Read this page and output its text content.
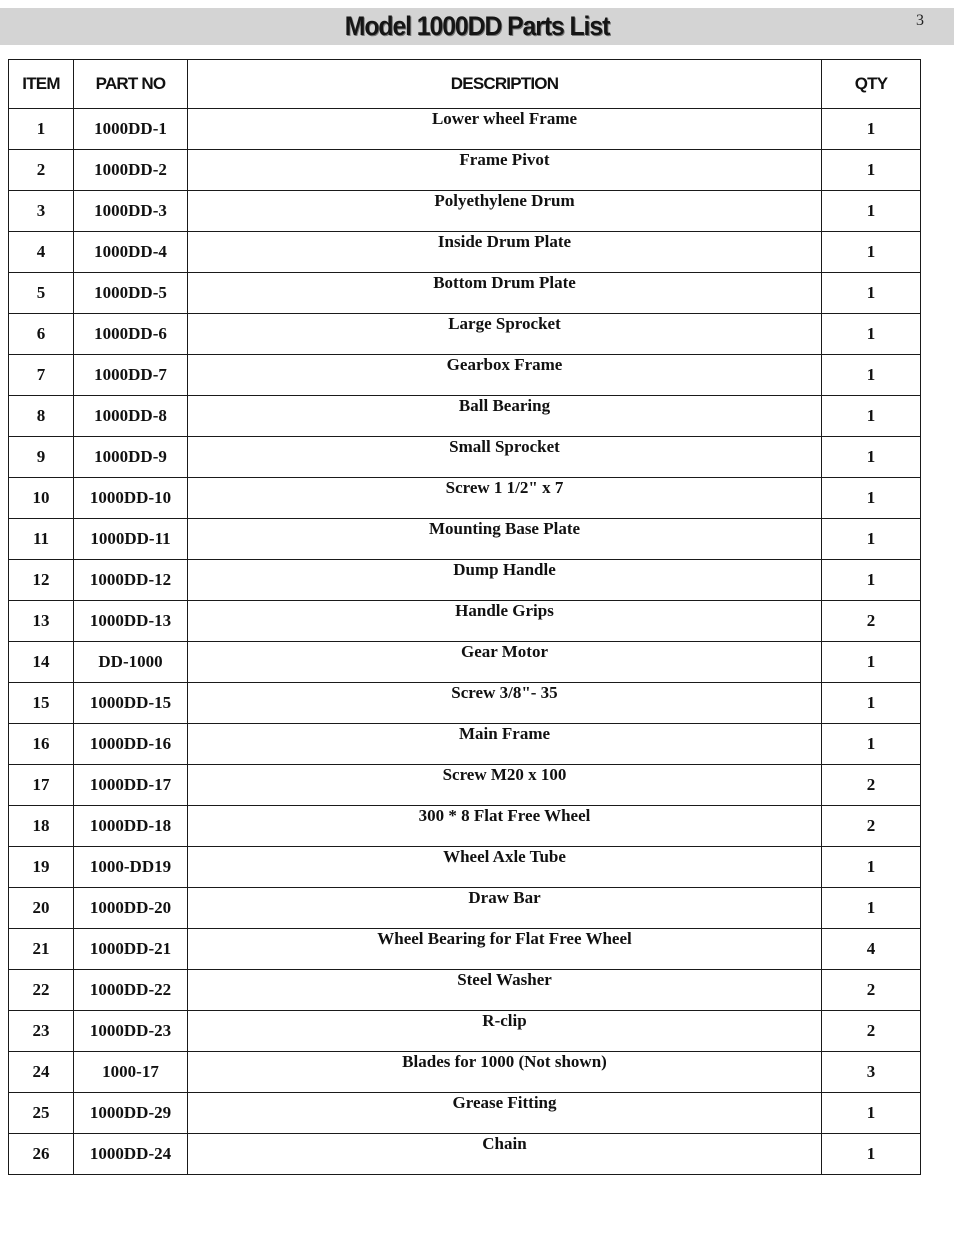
Model 1000DD Parts List	3
ITEM	PART NO	DESCRIPTION	QTY
1	1000DD-1	Lower wheel Frame	1
2	1000DD-2	Frame Pivot	1
3	1000DD-3	Polyethylene Drum	1
4	1000DD-4	Inside Drum Plate	1
5	1000DD-5	Bottom Drum Plate	1
6	1000DD-6	Large Sprocket	1
7	1000DD-7	Gearbox Frame	1
8	1000DD-8	Ball Bearing	1
9	1000DD-9	Small Sprocket	1
10	1000DD-10	Screw 1 1/2" x 7	1
11	1000DD-11	Mounting Base Plate	1
12	1000DD-12	Dump Handle	1
13	1000DD-13	Handle Grips	2
14	DD-1000	Gear Motor	1
15	1000DD-15	Screw 3/8"- 35	1
16	1000DD-16	Main Frame	1
17	1000DD-17	Screw M20 x 100	2
18	1000DD-18	300 * 8 Flat Free Wheel	2
19	1000-DD19	Wheel Axle Tube	1
20	1000DD-20	Draw Bar	1
21	1000DD-21	Wheel Bearing for Flat Free Wheel	4
22	1000DD-22	Steel Washer	2
23	1000DD-23	R-clip	2
24	1000-17	Blades for 1000 (Not shown)	3
25	1000DD-29	Grease Fitting	1
26	1000DD-24	Chain	1
